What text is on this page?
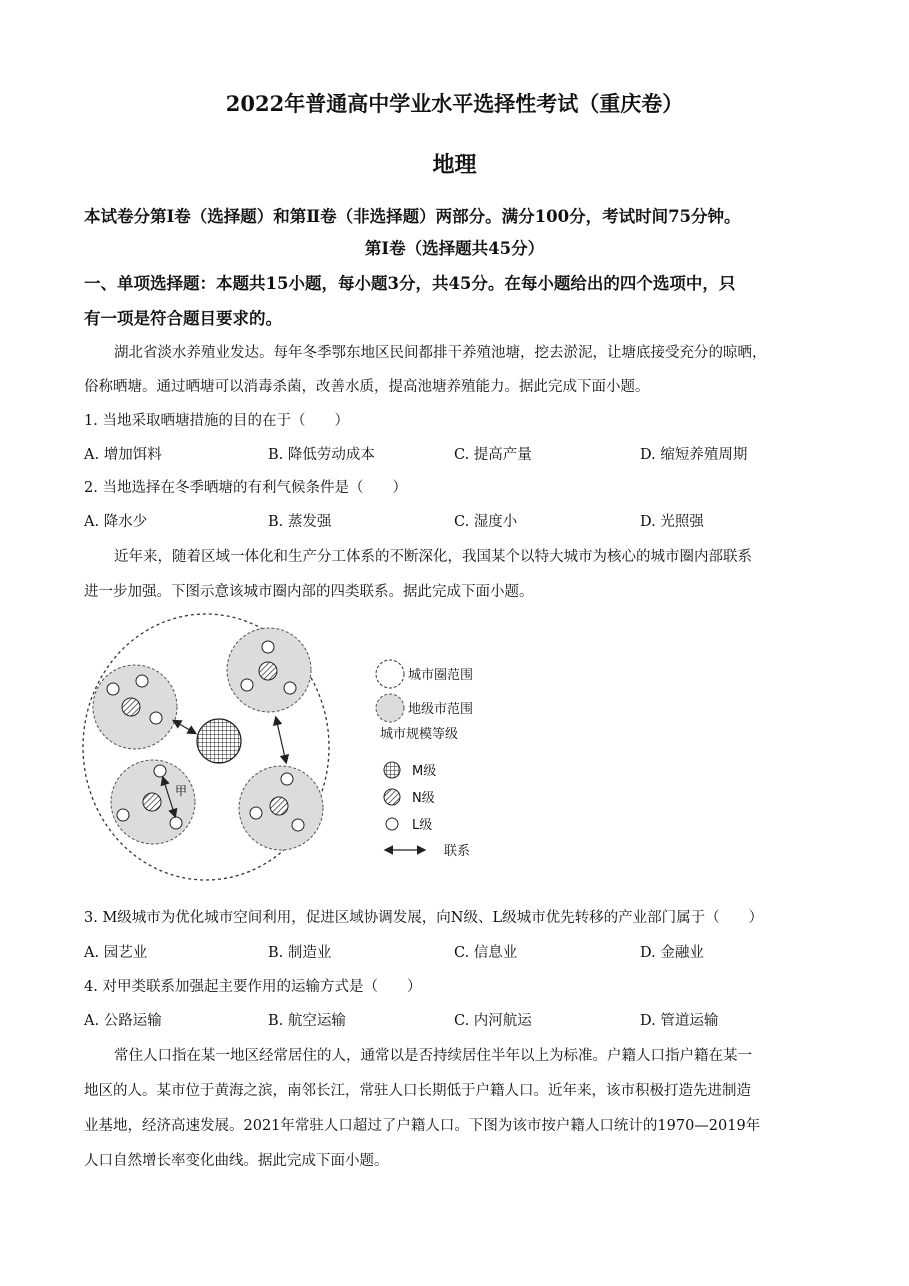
2022年普通高中学业水平选择性考试（重庆卷）
地理
本试卷分第Ⅰ卷（选择题）和第Ⅱ卷（非选择题）两部分。满分100分，考试时间75分钟。
第Ⅰ卷（选择题共45分）
一、单项选择题：本题共15小题，每小题3分，共45分。在每小题给出的四个选项中，只
有一项是符合题目要求的。
湖北省淡水养殖业发达。每年冬季鄂东地区民间都排干养殖池塘，挖去淤泥，让塘底接受充分的晾晒，
俗称晒塘。通过晒塘可以消毒杀菌，改善水质，提高池塘养殖能力。据此完成下面小题。
1. 当地采取晒塘措施的目的在于（　　）
A. 增加饵料	B. 降低劳动成本	C. 提高产量	D. 缩短养殖周期
2. 当地选择在冬季晒塘的有利气候条件是（　　）
A. 降水少	B. 蒸发强	C. 湿度小	D. 光照强
近年来，随着区域一体化和生产分工体系的不断深化，我国某个以特大城市为核心的城市圈内部联系
进一步加强。下图示意该城市圈内部的四类联系。据此完成下面小题。
甲
城市圈范围
地级市范围
城市规模等级
M级
N级
L级
联系
3. M级城市为优化城市空间利用，促进区域协调发展，向N级、L级城市优先转移的产业部门属于（　　）
A. 园艺业	B. 制造业	C. 信息业	D. 金融业
4. 对甲类联系加强起主要作用的运输方式是（　　）
A. 公路运输	B. 航空运输	C. 内河航运	D. 管道运输
常住人口指在某一地区经常居住的人，通常以是否持续居住半年以上为标准。户籍人口指户籍在某一
地区的人。某市位于黄海之滨，南邻长江，常驻人口长期低于户籍人口。近年来，该市积极打造先进制造
业基地，经济高速发展。2021年常驻人口超过了户籍人口。下图为该市按户籍人口统计的1970—2019年
人口自然增长率变化曲线。据此完成下面小题。
